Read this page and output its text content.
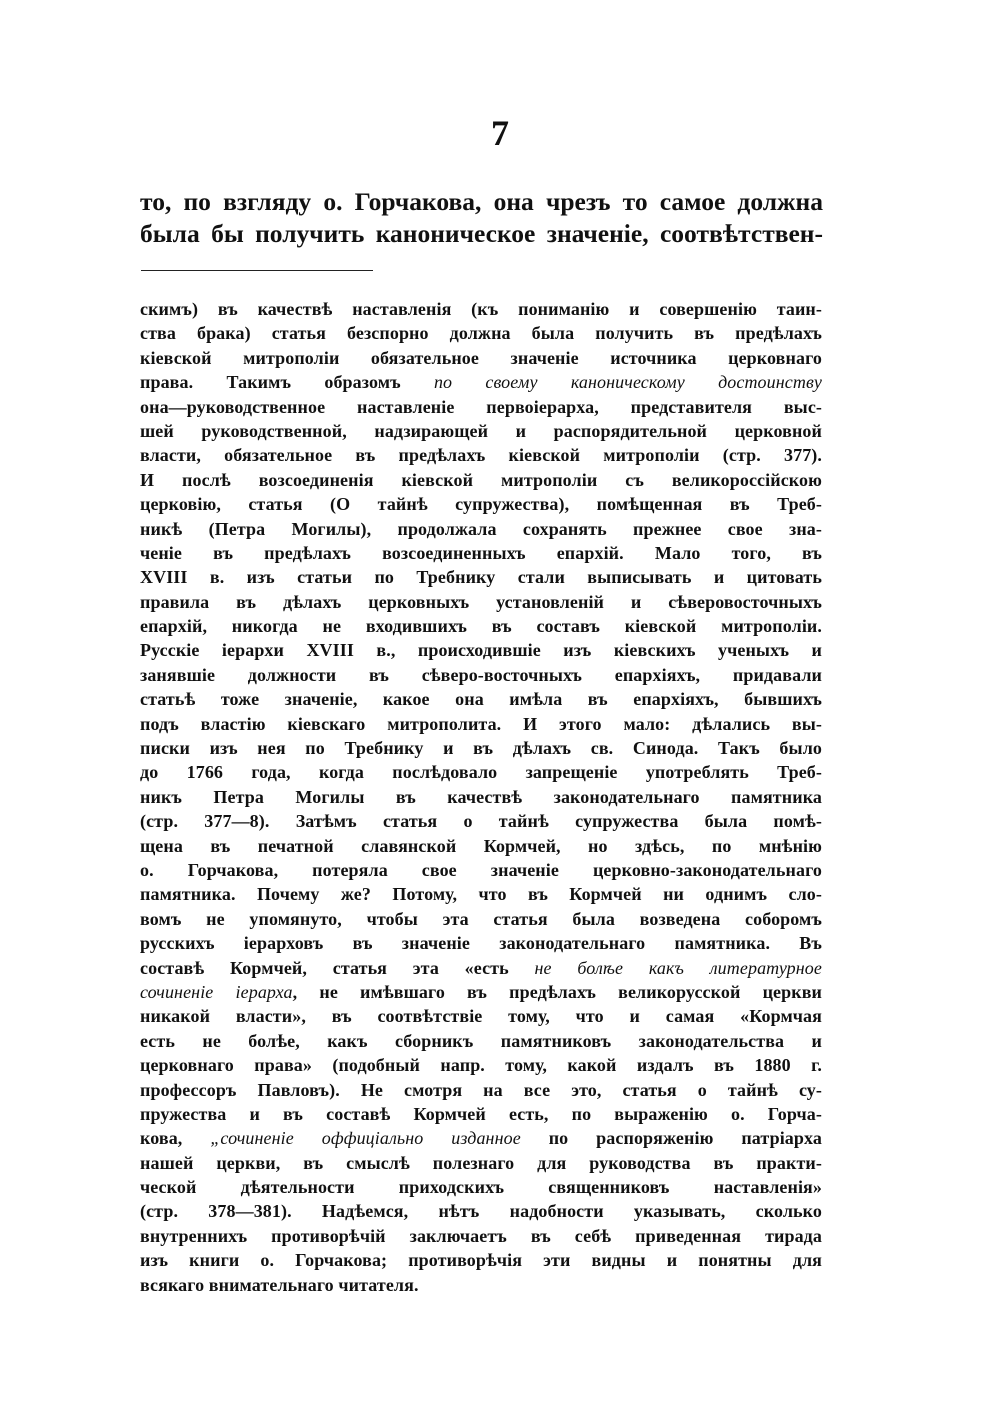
7
то, по взгляду о. Горчакова, она чрезъ то самое должна
была бы получить каноническое значеніе, соотвѣтствен-
скимъ) въ качествѣ наставленія (къ пониманію и совершенію таин-
ства брака) статья безспорно должна была получить въ предѣлахъ
кіевской митрополіи обязательное значеніе источника церковнаго
права. Такимъ образомъ по своему каноническому достоинству
она—руководственное наставленіе первоіерарха, представителя выс-
шей руководственной, надзирающей и распорядительной церковной
власти, обязательное въ предѣлахъ кіевской митрополіи (стр. 377).
И послѣ возсоединенія кіевской митрополіи съ великороссійскою
церковію, статья (О тайнѣ супружества), помѣщенная въ Треб-
никѣ (Петра Могилы), продолжала сохранять прежнее свое зна-
ченіе въ предѣлахъ возсоединенныхъ епархій. Мало того, въ
XVIII в. изъ статьи по Требнику стали выписывать и цитовать
правила въ дѣлахъ церковныхъ установленій и сѣверовосточныхъ
епархій, никогда не входившихъ въ составъ кіевской митрополіи.
Русскіе іерархи XVIII в., происходившіе изъ кіевскихъ ученыхъ и
занявшіе должности въ сѣверо-восточныхъ епархіяхъ, придавали
статьѣ тоже значеніе, какое она имѣла въ епархіяхъ, бывшихъ
подъ властію кіевскаго митрополита. И этого мало: дѣлались вы-
писки изъ нея по Требнику и въ дѣлахъ св. Синода. Такъ было
до 1766 года, когда послѣдовало запрещеніе употреблять Треб-
никъ Петра Могилы въ качествѣ законодательнаго памятника
(стр. 377—8). Затѣмъ статья о тайнѣ супружества была помѣ-
щена въ печатной славянской Кормчей, но здѣсь, по мнѣнію
о. Горчакова, потеряла свое значеніе церковно-законодательнаго
памятника. Почему же? Потому, что въ Кормчей ни однимъ сло-
вомъ не упомянуто, чтобы эта статья была возведена соборомъ
русскихъ іерарховъ въ значеніе законодательнаго памятника. Въ
составѣ Кормчей, статья эта «есть не болѣе какъ литературное
сочиненіе іерарха, не имѣвшаго въ предѣлахъ великорусской церкви
никакой власти», въ соотвѣтствіе тому, что и самая «Кормчая
есть не болѣе, какъ сборникъ памятниковъ законодательства и
церковнаго права» (подобный напр. тому, какой издалъ въ 1880 г.
профессоръ Павловъ). Не смотря на все это, статья о тайнѣ су-
пружества и въ составѣ Кормчей есть, по выраженію о. Горча-
кова, „сочиненіе оффиціально изданное по распоряженію патріарха
нашей церкви, въ смыслѣ полезнаго для руководства въ практи-
ческой дѣятельности приходскихъ священниковъ наставленія»
(стр. 378—381). Надѣемся, нѣтъ надобности указывать, сколько
внутреннихъ противорѣчій заключаетъ въ себѣ приведенная тирада
изъ книги о. Горчакова; противорѣчія эти видны и понятны для
всякаго внимательнаго читателя.
